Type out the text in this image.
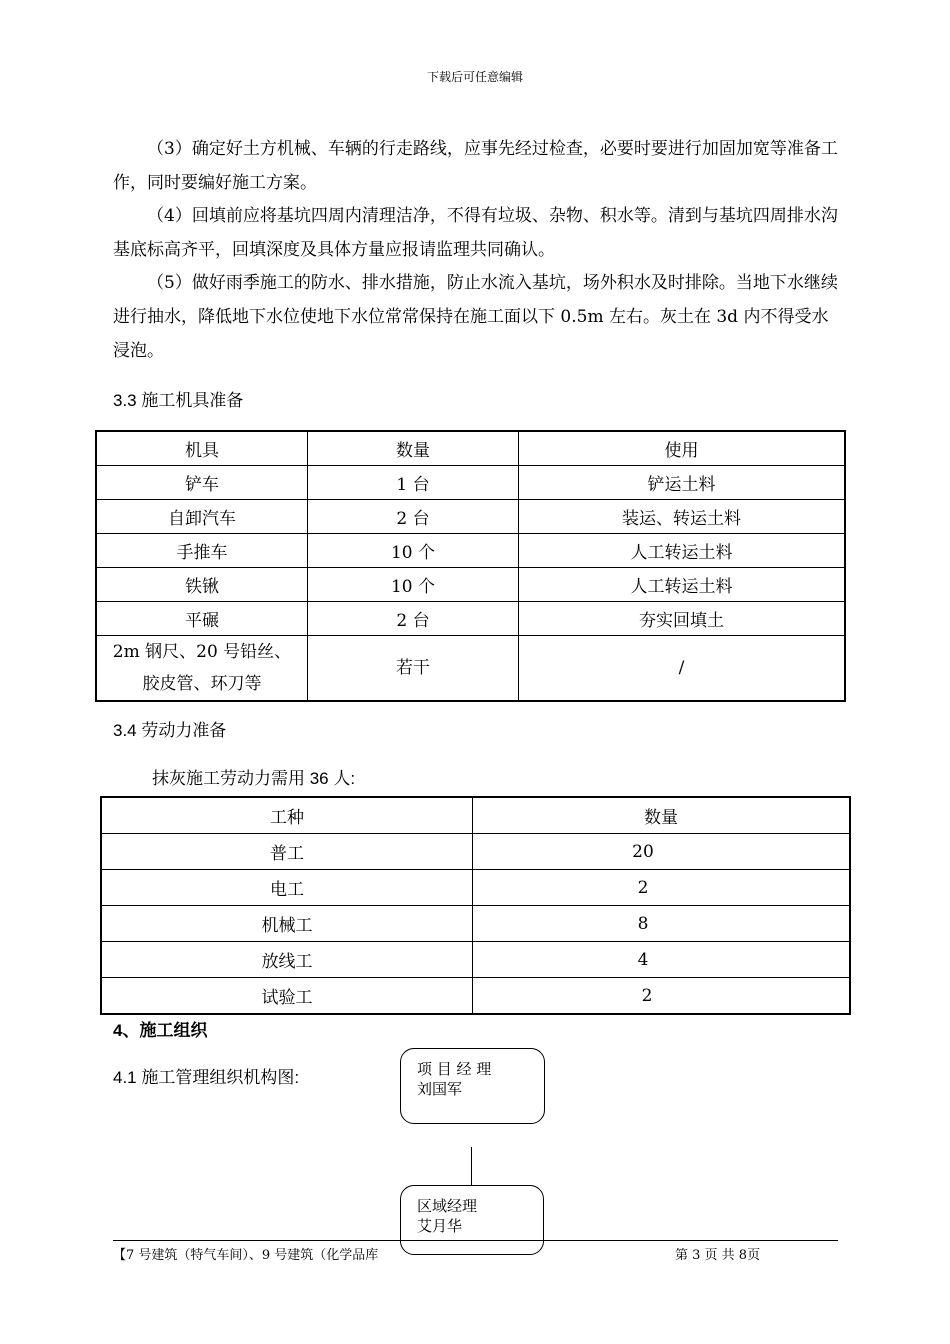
下载后可任意编辑

（3）确定好土方机械、车辆的行走路线，应事先经过检查，必要时要进行加固加宽等准备工作，同时要编好施工方案。

（4）回填前应将基坑四周内清理洁净，不得有垃圾、杂物、积水等。清到与基坑四周排水沟基底标高齐平，回填深度及具体方量应报请监理共同确认。

（5）做好雨季施工的防水、排水措施，防止水流入基坑，场外积水及时排除。当地下水继续进行抽水，降低地下水位使地下水位常常保持在施工面以下 0.5m 左右。灰土在 3d 内不得受水浸泡。

3.3 施工机具准备
机具	数量	使用
铲车	1 台	铲运土料
自卸汽车	2 台	装运、转运土料
手推车	10 个	人工转运土料
铁锹	10 个	人工转运土料
平碾	2 台	夯实回填土
2m 钢尺、20 号铅丝、胶皮管、环刀等	若干	/
3.4 劳动力准备
抹灰施工劳动力需用 36 人:
工种	数量
普工	20
电工	2
机械工	8
放线工	4
试验工	2
4、施工组织
4.1 施工管理组织机构图:	项 目 经 理
刘国军
区域经理
艾月华
【7 号建筑（特气车间）、9 号建筑（化学品库	第 3 页 共 8页
